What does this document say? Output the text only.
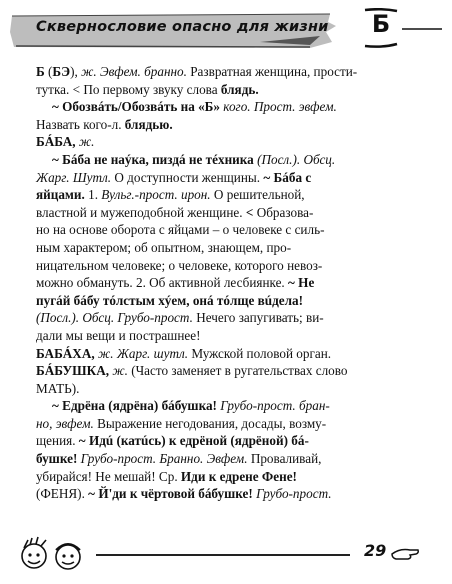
Сквернословие опасно для жизни	Б

Б (БЭ), ж. Эвфем. бранно. Развратная женщина, прости-

тутка. < По первому звуку слова блядь.

~ Обозвáть/Обозвáть на «Б» кого. Прост. эвфем.

Назвать кого-л. блядью.

БÁБА, ж.

~ Бáба не наýка, пиздá не тéхника (Посл.). Обсц.

Жарг. Шутл. О доступности женщины. ~ Бáба с

яйцами. 1. Вульг.-прост. ирон. О решительной,

властной и мужеподобной женщине. < Образова-

но на основе оборота с яйцами – о человеке с силь-

ным характером; об опытном, знающем, про-

ницательном человеке; о человеке, которого невоз-

можно обмануть. 2. Об активной лесбиянке. ~ Не

пугáй бáбу тóлстым хýем, онá тóлще вúдела!

(Посл.). Обсц. Грубо-прост. Нечего запугивать; ви-

дали мы вещи и пострашнее!

БАБÁХА, ж. Жарг. шутл. Мужской половой орган.

БÁБУШКА, ж. (Часто заменяет в ругательствах слово

МАТЬ).

~ Едрёна (ядрёна) бáбушка! Грубо-прост. бран-

но, эвфем. Выражение негодования, досады, возму-

щения. ~ Идú (катúсь) к едрёной (ядрёной) бá-

бушке! Грубо-прост. Бранно. Эвфем. Проваливай,

убирайся! Не мешай! Ср. Иди к едрене Фене!

(ФЕНЯ). ~ Й'ди к чёртовой бáбушке! Грубо-прост.

29
